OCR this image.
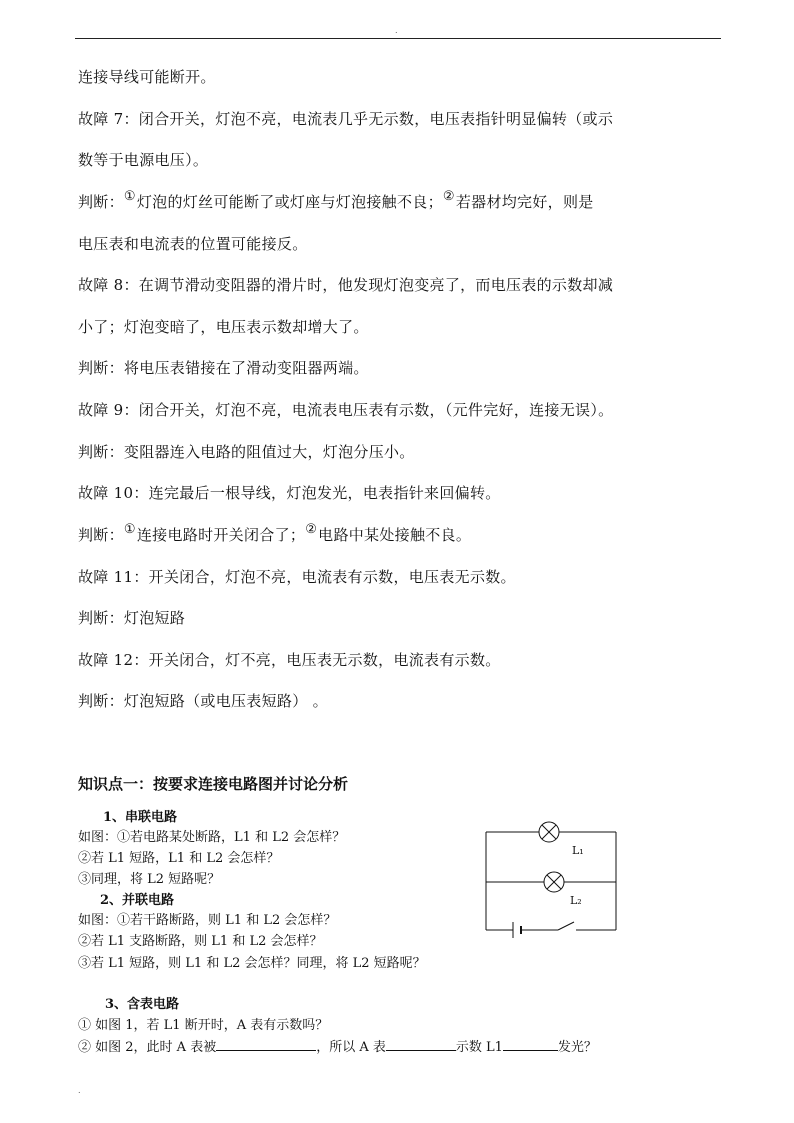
.
连接导线可能断开。
故障 7：闭合开关，灯泡不亮，电流表几乎无示数，电压表指针明显偏转（或示
数等于电源电压）。
判断：①灯泡的灯丝可能断了或灯座与灯泡接触不良；②若器材均完好，则是
电压表和电流表的位置可能接反。
故障 8：在调节滑动变阻器的滑片时，他发现灯泡变亮了，而电压表的示数却减
小了；灯泡变暗了，电压表示数却增大了。
判断：将电压表错接在了滑动变阻器两端。
故障 9：闭合开关，灯泡不亮，电流表电压表有示数，（元件完好，连接无误）。
判断：变阻器连入电路的阻值过大，灯泡分压小。
故障 10：连完最后一根导线，灯泡发光，电表指针来回偏转。
判断：①连接电路时开关闭合了；②电路中某处接触不良。
故障 11：开关闭合，灯泡不亮，电流表有示数，电压表无示数。
判断：灯泡短路
故障 12：开关闭合，灯不亮，电压表无示数，电流表有示数。
判断：灯泡短路（或电压表短路） 。
知识点一：按要求连接电路图并讨论分析
1、串联电路
如图：①若电路某处断路，L1 和 L2 会怎样？
②若 L1 短路，L1 和 L2 会怎样？
③同理，将 L2 短路呢？
2、并联电路
如图：①若干路断路，则 L1 和 L2 会怎样？
②若 L1 支路断路，则 L1 和 L2 会怎样？
③若 L1 短路，则 L1 和 L2 会怎样？同理，将 L2 短路呢？
3、含表电路
① 如图 1，若 L1 断开时，A 表有示数吗？
② 如图 2，此时 A 表被	，所以 A 表	示数 L1	发光？
L₁
L₂
.
